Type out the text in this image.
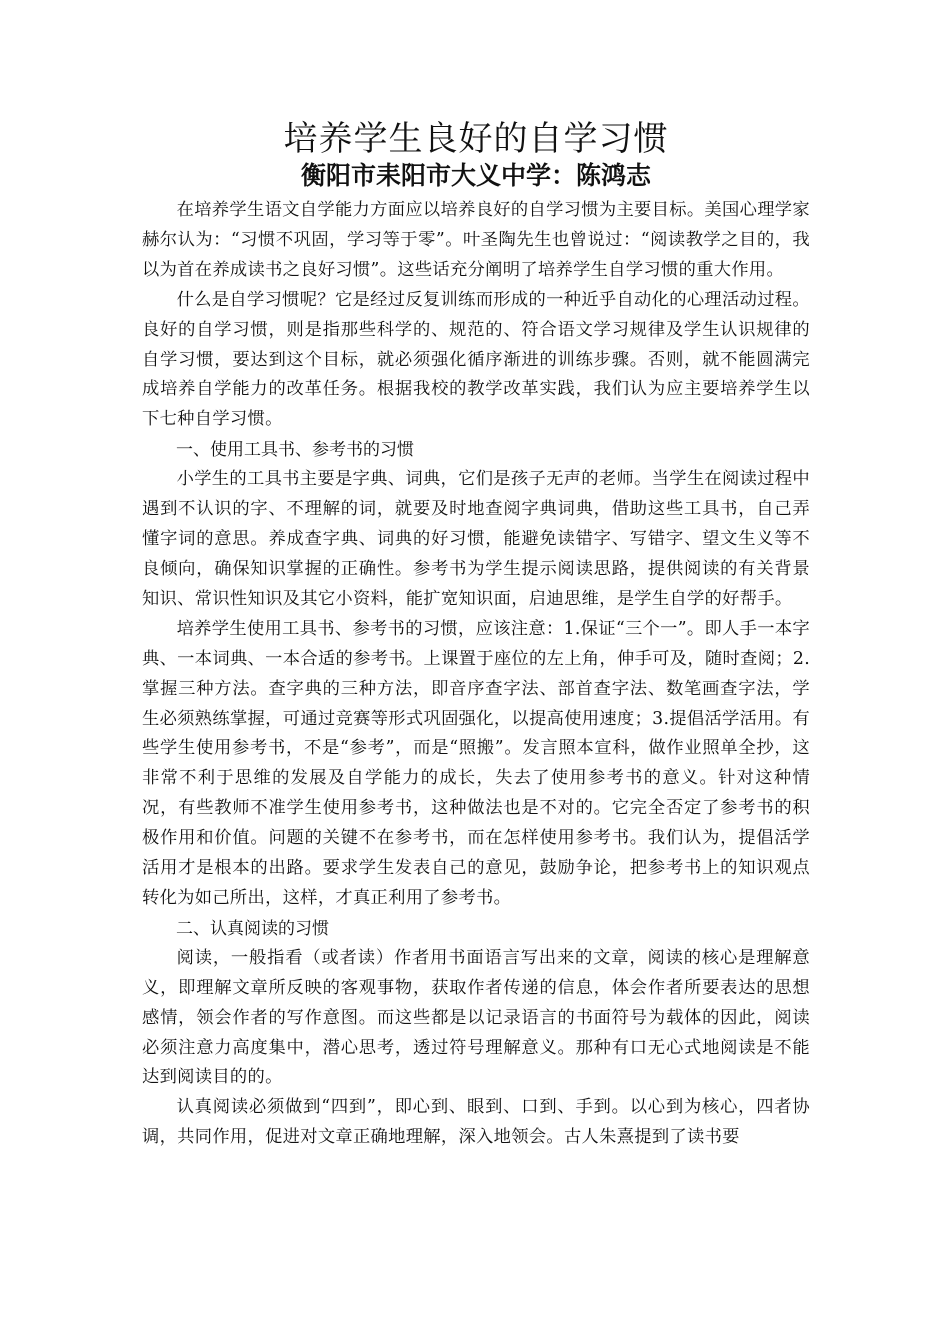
培养学生良好的自学习惯
衡阳市耒阳市大义中学：陈鸿志

在培养学生语文自学能力方面应以培养良好的自学习惯为主要目标。美国心理学家赫尔认为：“习惯不巩固，学习等于零”。叶圣陶先生也曾说过：“阅读教学之目的，我以为首在养成读书之良好习惯”。这些话充分阐明了培养学生自学习惯的重大作用。

什么是自学习惯呢？它是经过反复训练而形成的一种近乎自动化的心理活动过程。良好的自学习惯，则是指那些科学的、规范的、符合语文学习规律及学生认识规律的自学习惯，要达到这个目标，就必须强化循序渐进的训练步骤。否则，就不能圆满完成培养自学能力的改革任务。根据我校的教学改革实践，我们认为应主要培养学生以下七种自学习惯。

一、使用工具书、参考书的习惯

小学生的工具书主要是字典、词典，它们是孩子无声的老师。当学生在阅读过程中遇到不认识的字、不理解的词，就要及时地查阅字典词典，借助这些工具书，自己弄懂字词的意思。养成查字典、词典的好习惯，能避免读错字、写错字、望文生义等不良倾向，确保知识掌握的正确性。参考书为学生提示阅读思路，提供阅读的有关背景知识、常识性知识及其它小资料，能扩宽知识面，启迪思维，是学生自学的好帮手。

培养学生使用工具书、参考书的习惯，应该注意：1.保证“三个一”。即人手一本字典、一本词典、一本合适的参考书。上课置于座位的左上角，伸手可及，随时查阅；2.掌握三种方法。查字典的三种方法，即音序查字法、部首查字法、数笔画查字法，学生必须熟练掌握，可通过竞赛等形式巩固强化，以提高使用速度；3.提倡活学活用。有些学生使用参考书，不是“参考”，而是“照搬”。发言照本宣科，做作业照单全抄，这非常不利于思维的发展及自学能力的成长，失去了使用参考书的意义。针对这种情况，有些教师不准学生使用参考书，这种做法也是不对的。它完全否定了参考书的积极作用和价值。问题的关键不在参考书，而在怎样使用参考书。我们认为，提倡活学活用才是根本的出路。要求学生发表自己的意见，鼓励争论，把参考书上的知识观点转化为如己所出，这样，才真正利用了参考书。

二、认真阅读的习惯

阅读，一般指看（或者读）作者用书面语言写出来的文章，阅读的核心是理解意义，即理解文章所反映的客观事物，获取作者传递的信息，体会作者所要表达的思想感情，领会作者的写作意图。而这些都是以记录语言的书面符号为载体的因此，阅读必须注意力高度集中，潜心思考，透过符号理解意义。那种有口无心式地阅读是不能达到阅读目的的。

认真阅读必须做到“四到”，即心到、眼到、口到、手到。以心到为核心，四者协调，共同作用，促进对文章正确地理解，深入地领会。古人朱熹提到了读书要
